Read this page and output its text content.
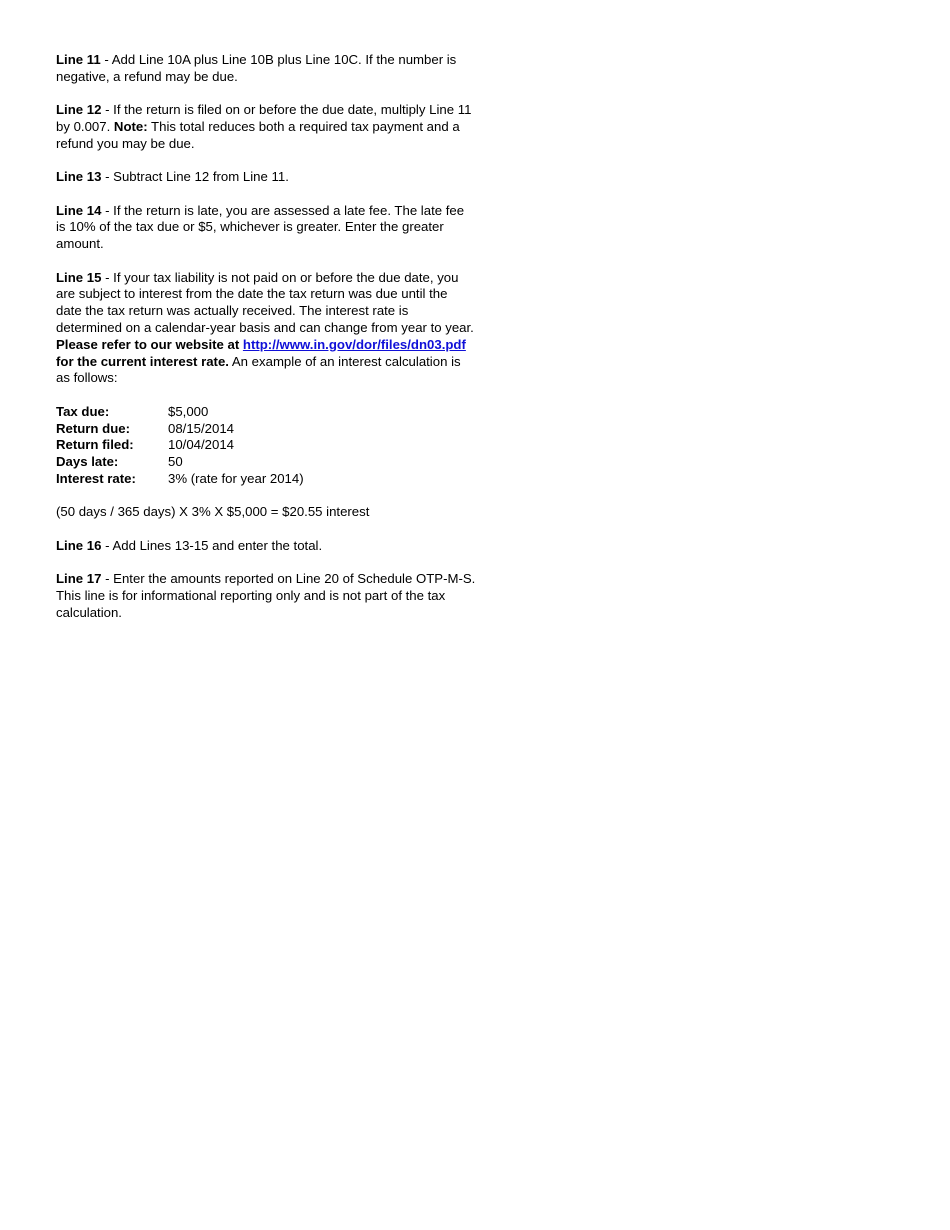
Line 11 - Add Line 10A plus Line 10B plus Line 10C. If the number is negative, a refund may be due.

Line 12 - If the return is filed on or before the due date, multiply Line 11 by 0.007. Note: This total reduces both a required tax payment and a refund you may be due.

Line 13 - Subtract Line 12 from Line 11.

Line 14 - If the return is late, you are assessed a late fee. The late fee is 10% of the tax due or $5, whichever is greater. Enter the greater amount.

Line 15 - If your tax liability is not paid on or before the due date, you are subject to interest from the date the tax return was due until the date the tax return was actually received. The interest rate is determined on a calendar-year basis and can change from year to year. Please refer to our website at http://www.in.gov/dor/files/dn03.pdf for the current interest rate. An example of an interest calculation is as follows:

Tax due:	$5,000
Return due:	08/15/2014
Return filed:	10/04/2014
Days late:	50
Interest rate:	3% (rate for year 2014)

(50 days / 365 days) X 3% X $5,000 = $20.55 interest

Line 16 - Add Lines 13-15 and enter the total.

Line 17 - Enter the amounts reported on Line 20 of Schedule OTP-M-S.  This line is for informational reporting only and is not part of the tax calculation.
